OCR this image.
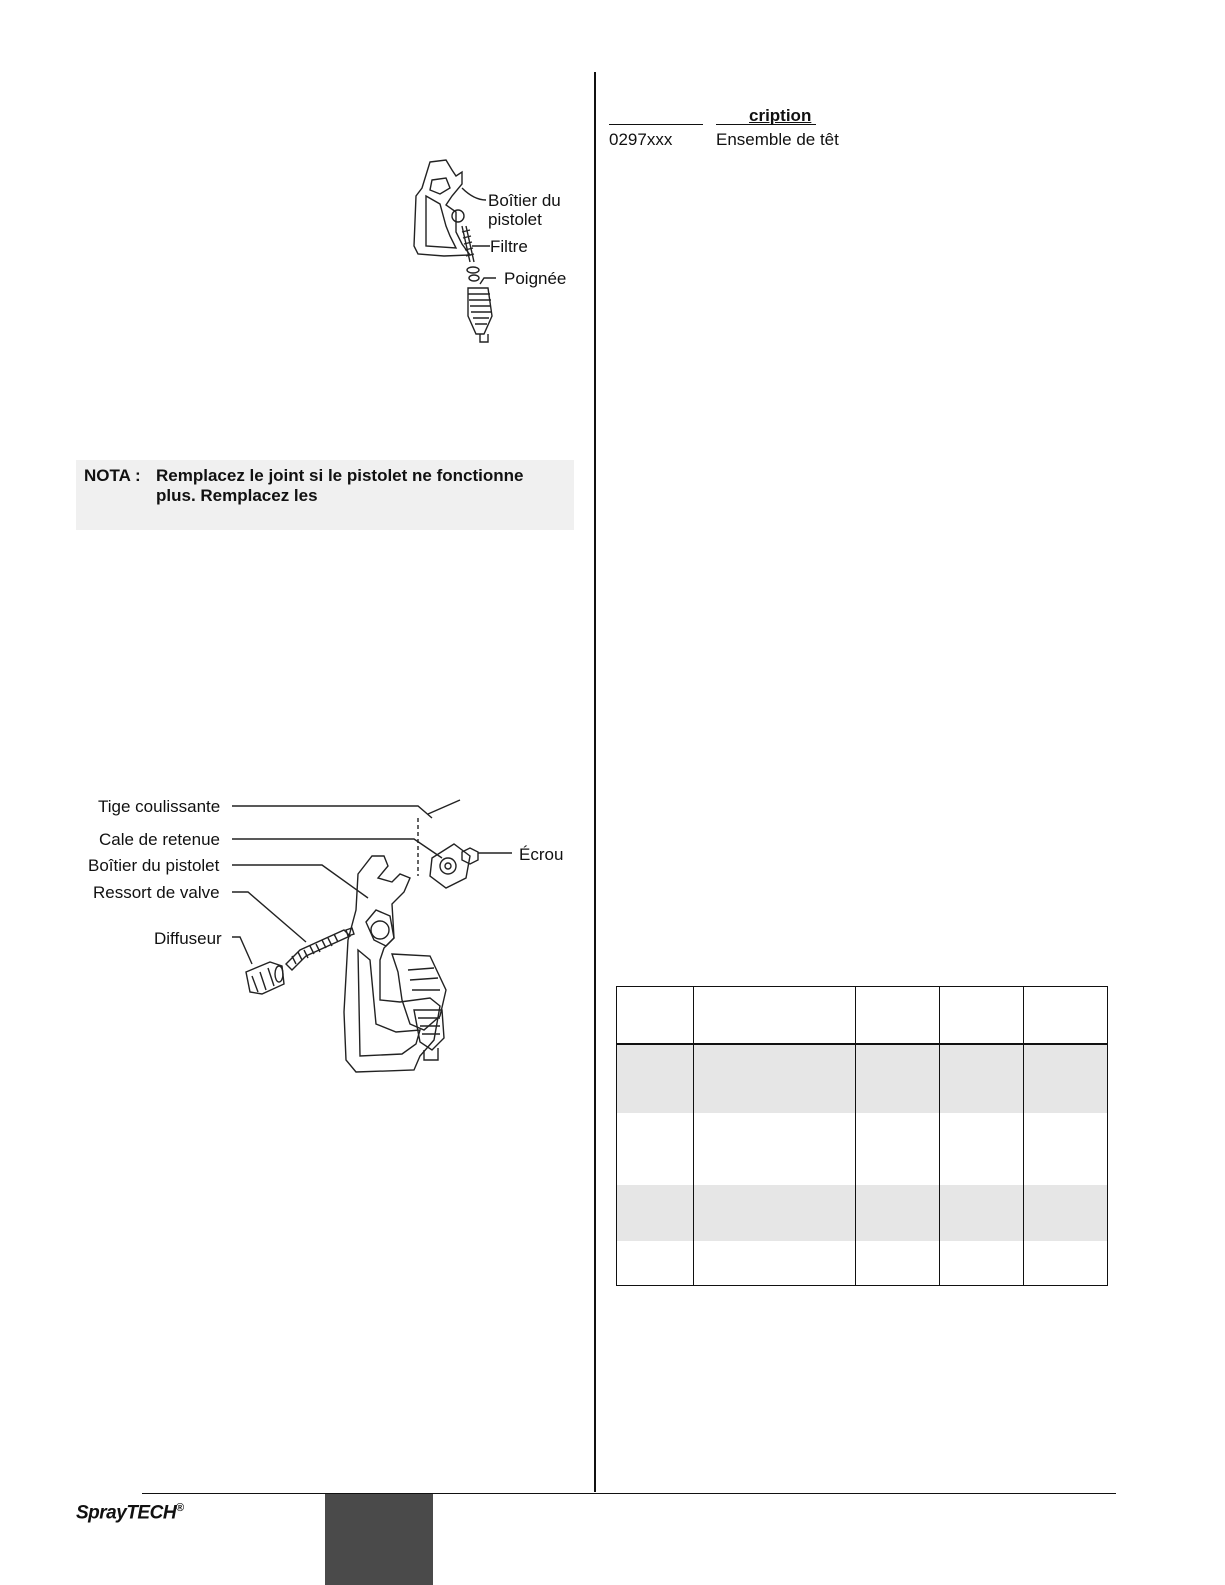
Boîtier du
pistolet
Filtre
Poignée
NOTA : Remplacez le joint si le pistolet ne fonctionne plus. Remplacez les
Tige coulissante
Cale de retenue
Boîtier du pistolet
Ressort de valve
Diffuseur
Écrou
cription
0297xxx	Ensemble de têt
SprayTECH®
